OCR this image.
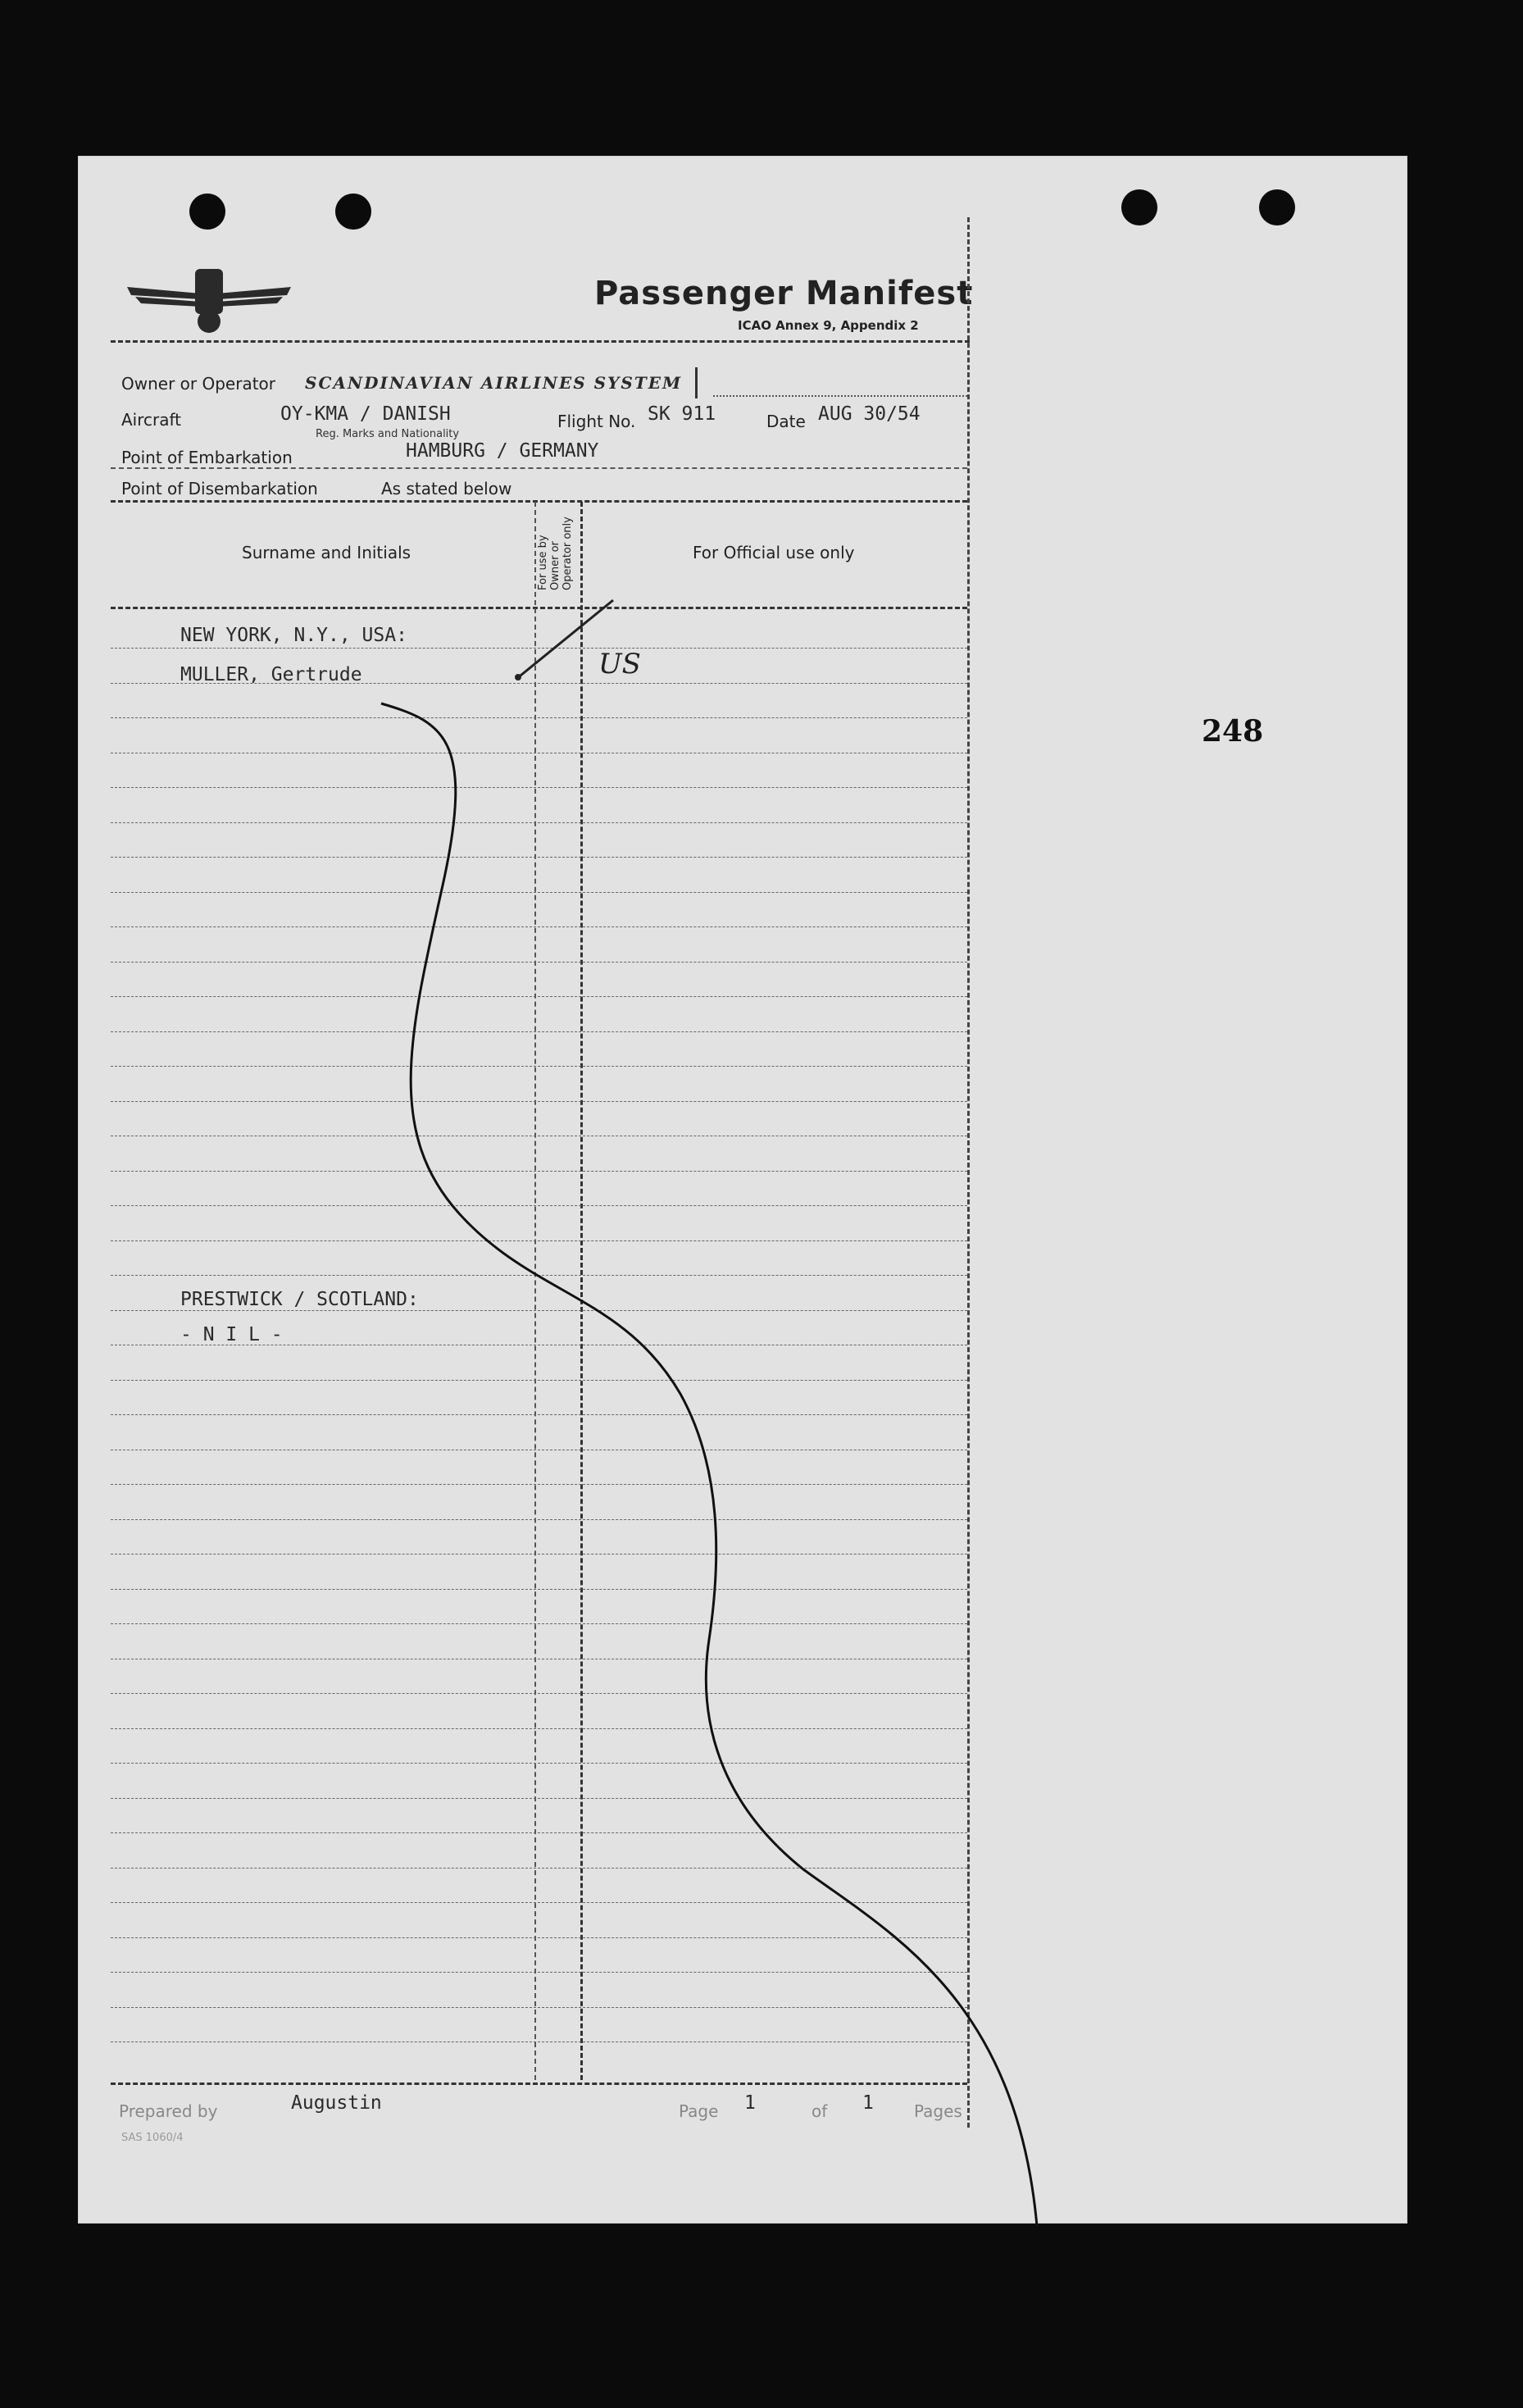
248
Passenger Manifest
ICAO Annex 9, Appendix 2
Owner or Operator SCANDINAVIAN AIRLINES SYSTEM
Aircraft	OY-KMA / DANISH
Reg. Marks and Nationality
Flight No. SK 911	Date AUG 30/54
Point of Embarkation	HAMBURG / GERMANY
Point of Disembarkation	As stated below
Surname and Initials	For use by Owner or Operator only	For Official use only
NEW YORK, N.Y., USA:
MULLER, Gertrude	US
PRESTWICK / SCOTLAND:
- N I L -
Prepared by	Augustin	Page 1	of 1 Pages
SAS 1060/4
